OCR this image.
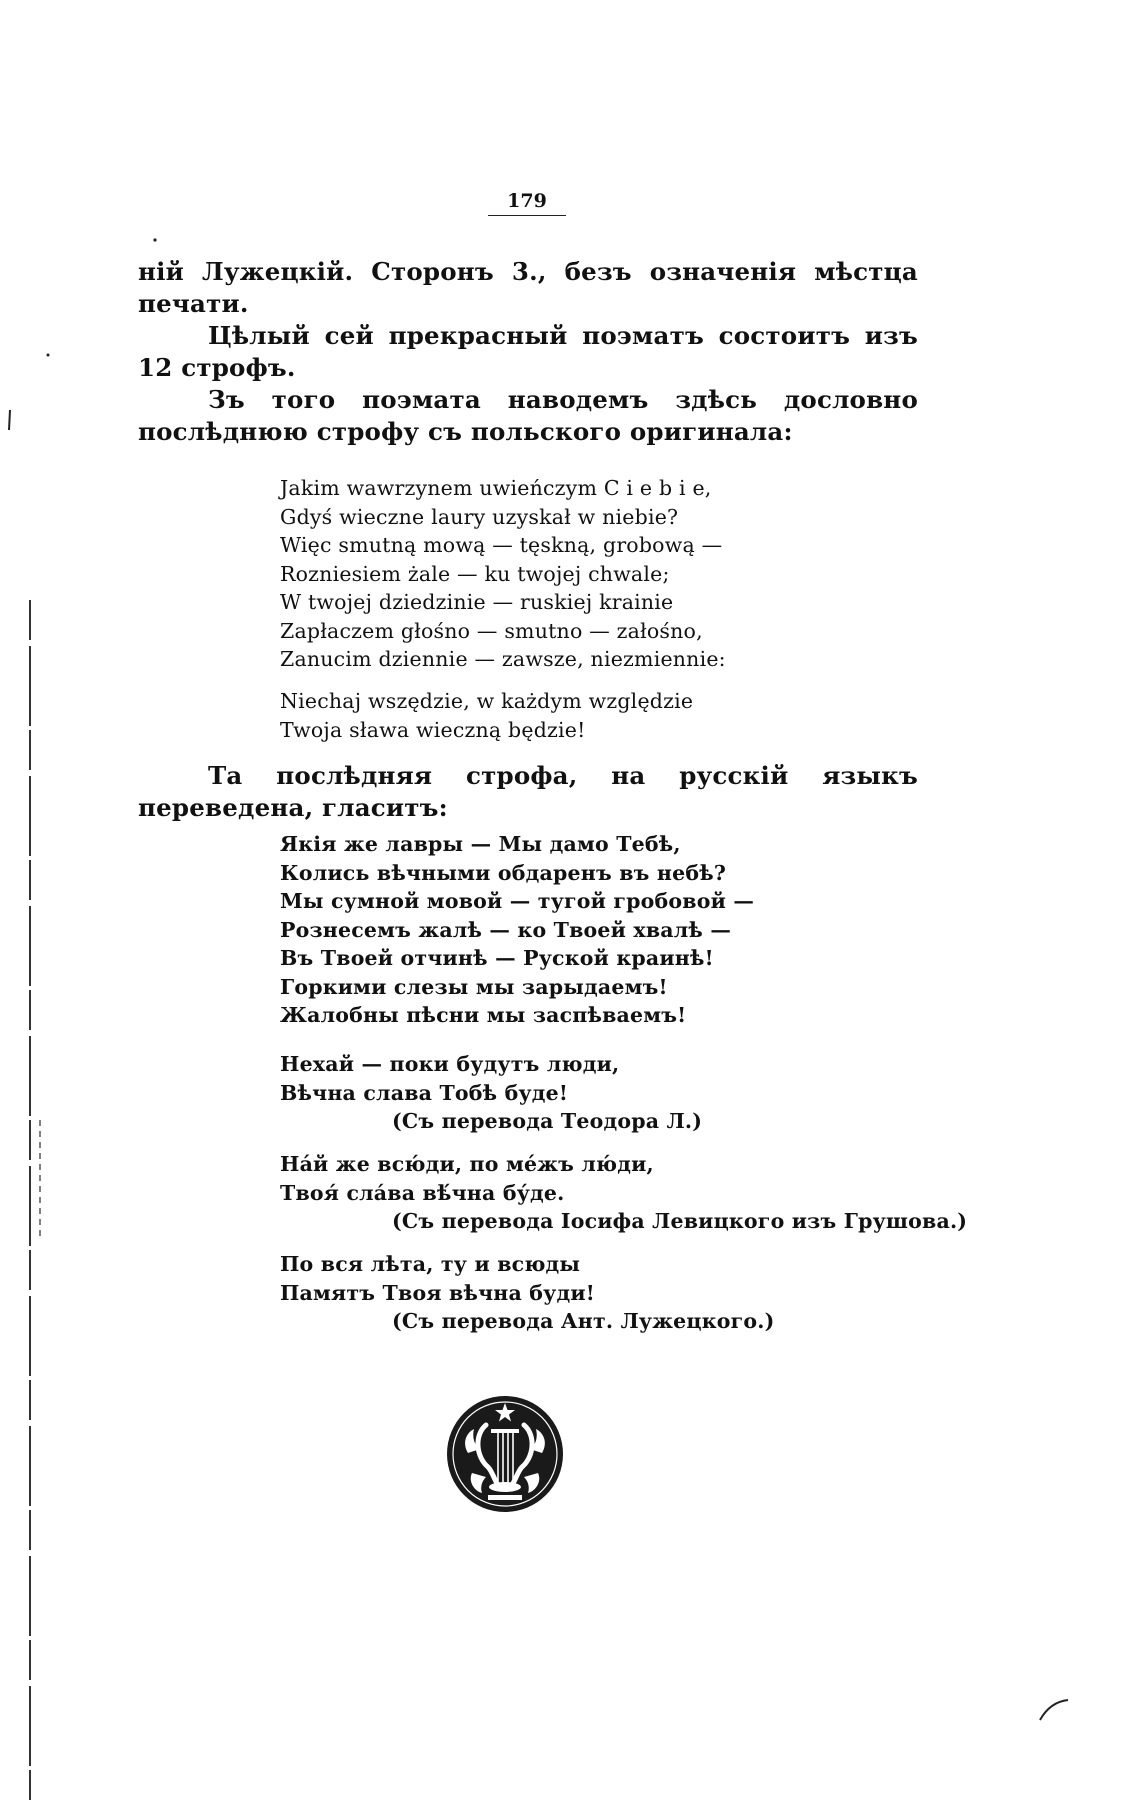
179

ній Лужецкій. Сторонъ 3., безъ означенія мѣстца печати.

Цѣлый сей прекрасный поэматъ состоитъ изъ 12 строфъ.

Зъ того поэмата наводемъ здѣсь дословно послѣднюю строфу съ польского оригинала:

Jakim wawrzynem uwieńczym C i e b i e,
Gdyś wieczne laury uzyskał w niebie?
Więc smutną mową — tęskną, grobową —
Rozniesiem żale — ku twojej chwale;
W twojej dziedzinie — ruskiej krainie
Zapłaczem głośno — smutno — załośno,
Zanucim dziennie — zawsze, niezmiennie:
Niechaj wszędzie, w każdym względzie
Twoja sława wieczną będzie!

Та послѣдняя строфа, на русскій языкъ переведена, гласитъ:

Якія же лавры — Мы дамо Тебѣ,
Колись вѣчными обдаренъ въ небѣ?
Мы сумной мовой — тугой гробовой —
Рознесемъ жалѣ — ко Твоей хвалѣ —
Въ Твоей отчинѣ — Руской краинѣ!
Горкими слезы мы зарыдаемъ!
Жалобны пѣсни мы заспѣваемъ!
Нехай — поки будутъ люди,
Вѣчна слава Тобѣ буде!
(Съ перевода Теодора Л.)
Нáй же всю́ди, по мéжъ лю́ди,
Твоя́ сла́ва вѣ́чна бу́де.
(Съ перевода Іосифа Левицкого изъ Грушова.)
По вся лѣта, ту и всюды
Памятъ Твоя вѣчна буди!
(Съ перевода Ант. Лужецкого.)
